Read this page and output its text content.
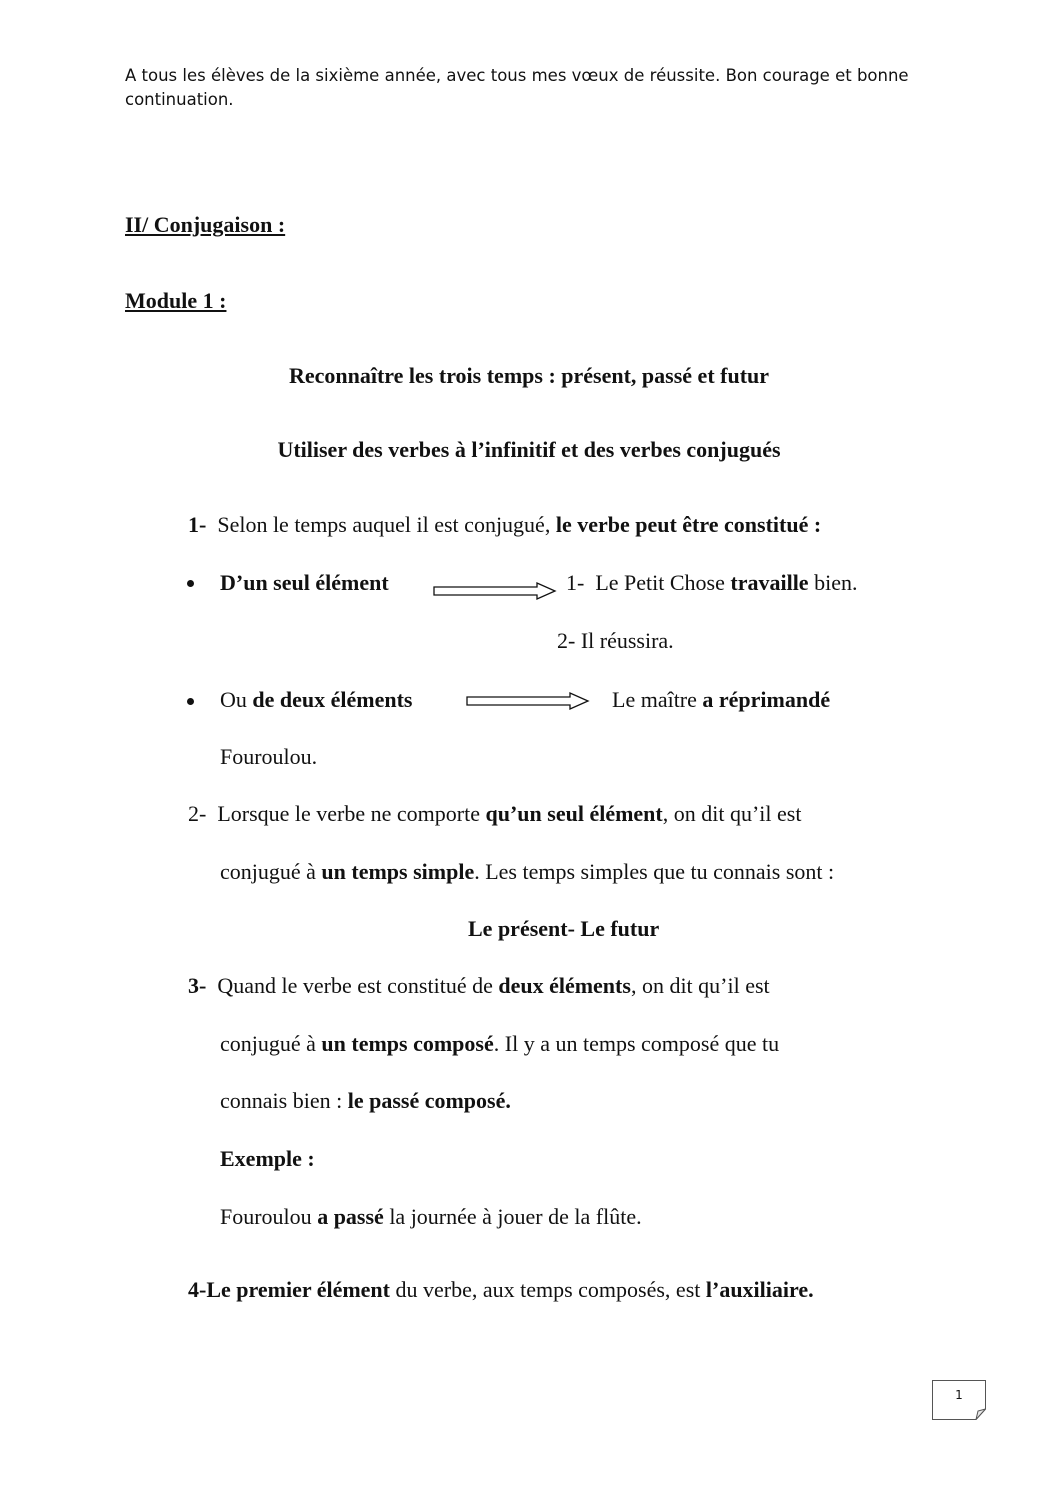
A tous les élèves de la sixième année, avec tous mes vœux de réussite. Bon courage et bonne continuation.
II/ Conjugaison :
Module 1 :
Reconnaître les trois temps : présent, passé et futur
Utiliser des verbes à l’infinitif et des verbes conjugués
1- Selon le temps auquel il est conjugué, le verbe peut être constitué :
D’un seul élément	1- Le Petit Chose travaille bien.
2- Il réussira.
Ou de deux éléments	Le maître a réprimandé
Fouroulou.
2- Lorsque le verbe ne comporte qu’un seul élément, on dit qu’il est
conjugué à un temps simple. Les temps simples que tu connais sont :
Le présent- Le futur
3- Quand le verbe est constitué de deux éléments, on dit qu’il est
conjugué à un temps composé. Il y a un temps composé que tu
connais bien : le passé composé.
Exemple :
Fouroulou a passé la journée à jouer de la flûte.
4-Le premier élément du verbe, aux temps composés, est l’auxiliaire.
1
